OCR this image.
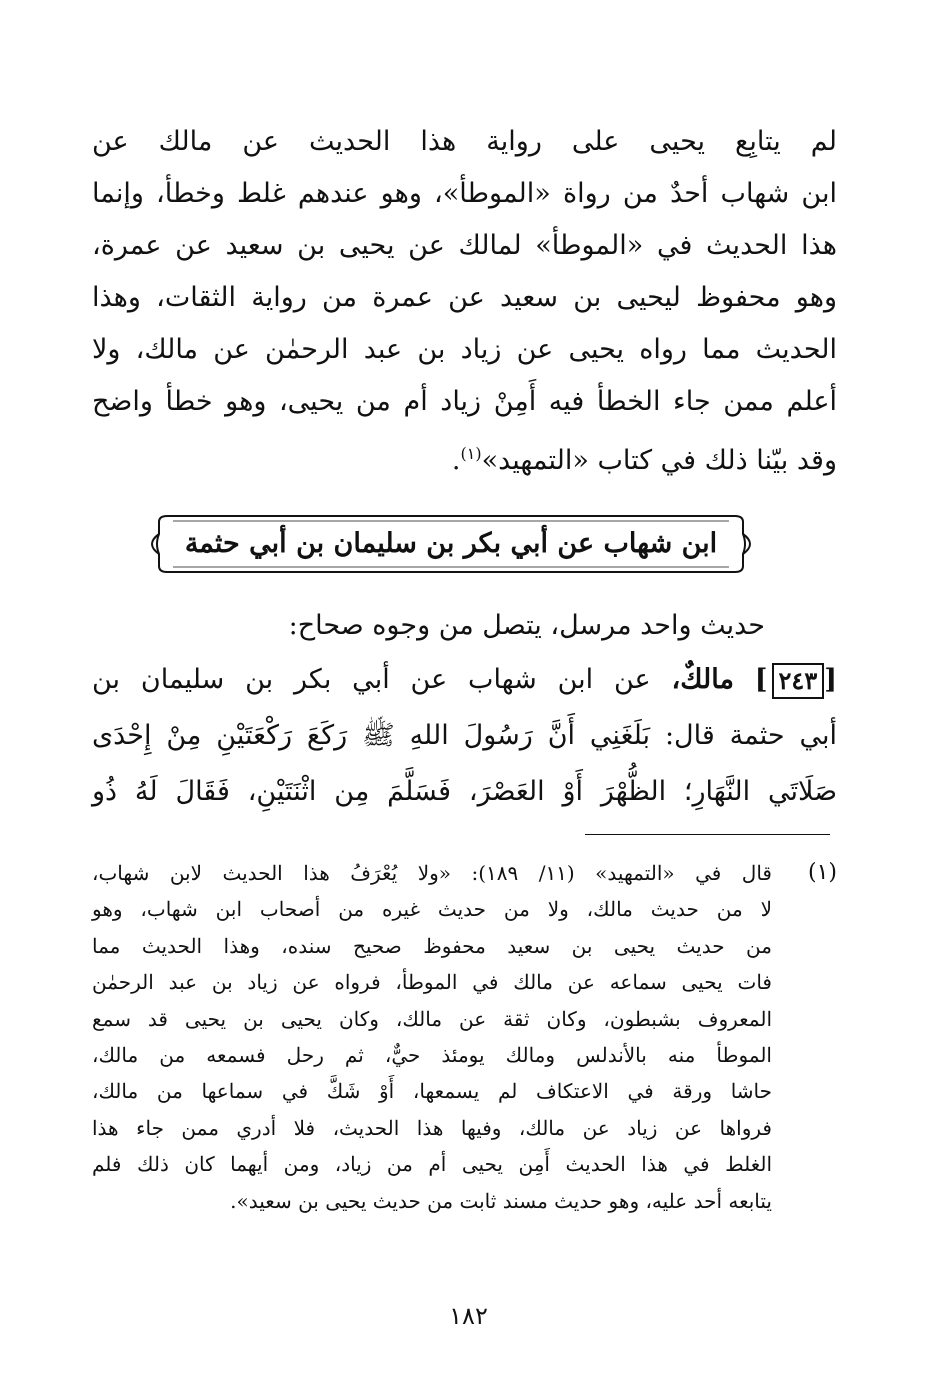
لم يتابِع يحيى على رواية هذا الحديث عن مالك عن
ابن شهاب أحدٌ من رواة «الموطأ»، وهو عندهم غلط وخطأ، وإنما
هذا الحديث في «الموطأ» لمالك عن يحيى بن سعيد عن عمرة،
وهو محفوظ ليحيى بن سعيد عن عمرة من رواية الثقات، وهذا
الحديث مما رواه يحيى عن زياد بن عبد الرحمٰن عن مالك، ولا
أعلم ممن جاء الخطأ فيه أَمِنْ زياد أم من يحيى، وهو خطأ واضح
وقد بيّنا ذلك في كتاب «التمهيد»$^{(١)}$.
ابن شهاب عن أبي بكر بن سليمان بن أبي حثمة
حديث واحد مرسل، يتصل من وجوه صحاح:
[٢٤٣] مالكٌ، عن ابن شهاب عن أبي بكر بن سليمان بن
أبي حثمة قال: بَلَغَنِي أَنَّ رَسُولَ اللهِ ﷺ رَكَعَ رَكْعَتَيْنِ مِنْ إِحْدَى
صَلَاتَي النَّهَارِ؛ الظُّهْرَ أَوْ العَصْرَ، فَسَلَّمَ مِن اثْنَتَيْنِ، فَقَالَ لَهُ ذُو
(١)
قال في «التمهيد» (١١/ ١٨٩): «ولا يُعْرَفُ هذا الحديث لابن شهاب،
لا من حديث مالك، ولا من حديث غيره من أصحاب ابن شهاب، وهو
من حديث يحيى بن سعيد محفوظ صحيح سنده، وهذا الحديث مما
فات يحيى سماعه عن مالك في الموطأ، فرواه عن زياد بن عبد الرحمٰن
المعروف بشبطون، وكان ثقة عن مالك، وكان يحيى بن يحيى قد سمع
الموطأ منه بالأندلس ومالك يومئذ حيٌّ، ثم رحل فسمعه من مالك،
حاشا ورقة في الاعتكاف لم يسمعها، أَوْ شَكَّ في سماعها من مالك،
فرواها عن زياد عن مالك، وفيها هذا الحديث، فلا أدري ممن جاء هذا
الغلط في هذا الحديث أَمِن يحيى أم من زياد، ومن أيهما كان ذلك فلم
يتابعه أحد عليه، وهو حديث مسند ثابت من حديث يحيى بن سعيد».
١٨٢
